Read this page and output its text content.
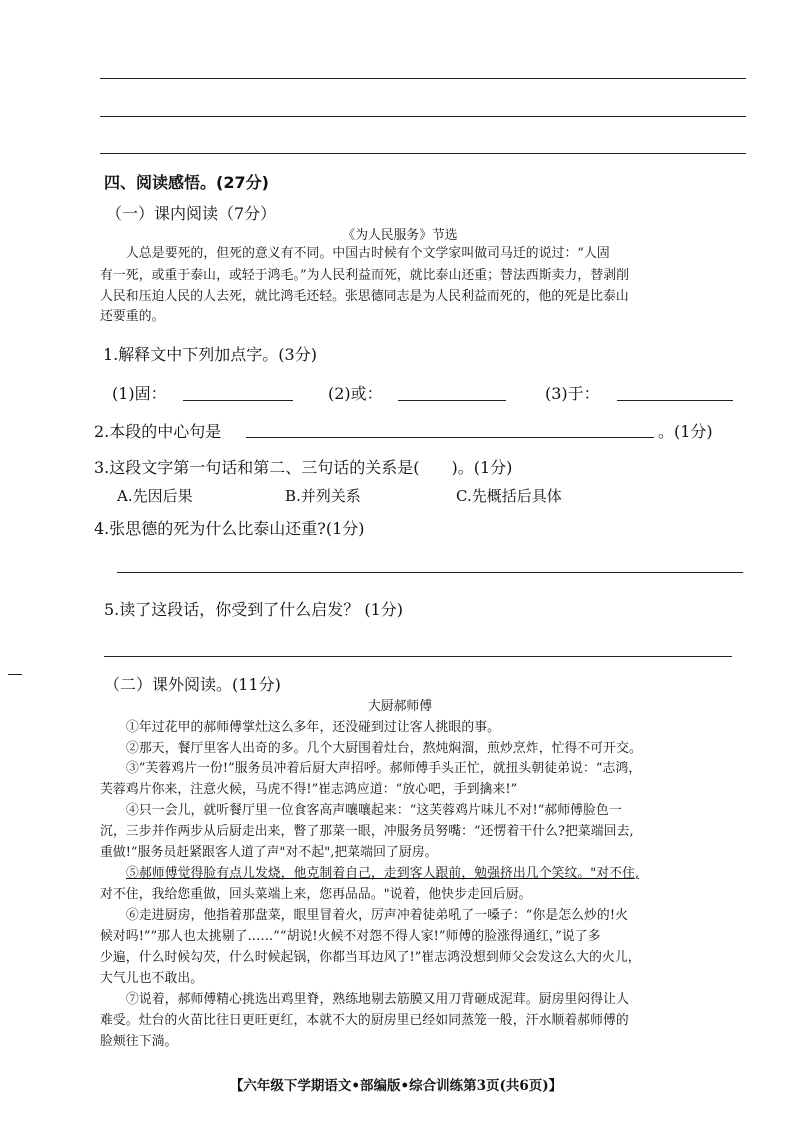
四、阅读感悟。(27分)
（一）课内阅读（7分）
《为人民服务》节选
人总是要死的，但死的意义有不同。中国古时候有个文学家叫做司马迁的说过：“人固
有一死，或重于泰山，或轻于鸿毛。”为人民利益而死，就比泰山还重；替法西斯卖力，替剥削
人民和压迫人民的人去死，就比鸿毛还轻。张思德同志是为人民利益而死的，他的死是比泰山
还要重的。
1.解释文中下列加点字。(3分)
(1)固：	(2)或：	(3)于：
2.本段的中心句是	。(1分)
3.这段文字第一句话和第二、三句话的关系是(　　)。(1分)
A.先因后果	B.并列关系	C.先概括后具体
4.张思德的死为什么比泰山还重?(1分)
5.读了这段话，你受到了什么启发？ (1分)
（二）课外阅读。(11分)
大厨郝师傅
①年过花甲的郝师傅掌灶这么多年，还没碰到过让客人挑眼的事。
②那天，餐厅里客人出奇的多。几个大厨围着灶台，熬炖焖溜，煎炒烹炸，忙得不可开交。
③”芙蓉鸡片一份!”服务员冲着后厨大声招呼。郝师傅手头正忙，就扭头朝徒弟说：“志鸿，
芙蓉鸡片你来，注意火候，马虎不得!”崔志鸿应道：“放心吧，手到擒来!”
④只一会儿，就听餐厅里一位食客高声嚷嚷起来：“这芙蓉鸡片味儿不对!“郝师傅脸色一
沉，三步并作两步从后厨走出来，瞥了那菜一眼，冲服务员努嘴：“还愣着干什么?把菜端回去,
重做!”服务员赶紧跟客人道了声"对不起",把菜端回了厨房。
⑤郝师傅觉得脸有点儿发烧，他克制着自己，走到客人跟前，勉强挤出几个笑纹。"对不住,
对不住，我给您重做，回头菜端上来，您再品品。"说着，他快步走回后厨。
⑥走进厨房，他指着那盘菜，眼里冒着火，厉声冲着徒弟吼了一嗓子：“你是怎么炒的!火
候对吗!””那人也太挑剔了……”“胡说!火候不对怨不得人家!”师傅的脸涨得通红，”说了多
少遍，什么时候勾芡，什么时候起锅，你都当耳边风了!”崔志鸿没想到师父会发这么大的火儿，
大气儿也不敢出。
⑦说着，郝师傅精心挑选出鸡里脊，熟练地剔去筋膜又用刀背砸成泥茸。厨房里闷得让人
难受。灶台的火苗比往日更旺更红，本就不大的厨房里已经如同蒸笼一般，汗水顺着郝师傅的
脸颊往下淌。
【六年级下学期语文•部编版•综合训练第3页(共6页)】
